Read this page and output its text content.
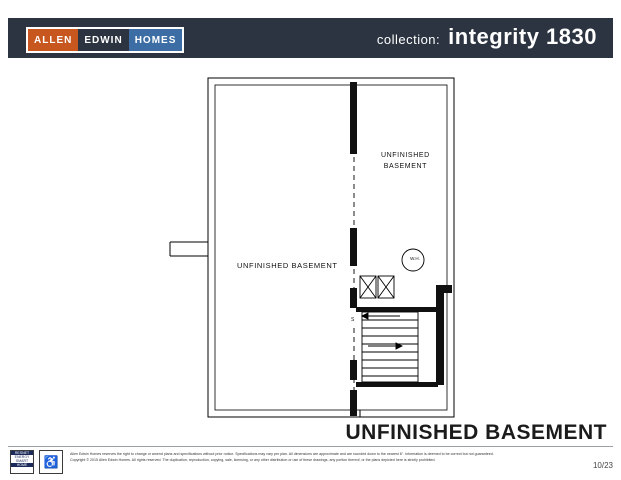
ALLEN	EDWIN	HOMES	collection: integrity 1830
UNFINISHED
BASEMENT
UNFINISHED BASEMENT
W.H.
S
UNFINISHED BASEMENT
RESNET
ENERGY SMART
HOME	♿
Allen Edwin Homes reserves the right to change or amend plans and specifications without prior notice. Specifications may vary per plan. All dimensions are approximate and are rounded down to the nearest 6". Information is deemed to be correct but not guaranteed.
Copyright © 2015 Allen Edwin Homes. All rights reserved. The duplication, reproduction, copying, sale, licensing, or any other distribution or use of these drawings, any portion thereof, or the plans depicted here is strictly prohibited.
10/23
